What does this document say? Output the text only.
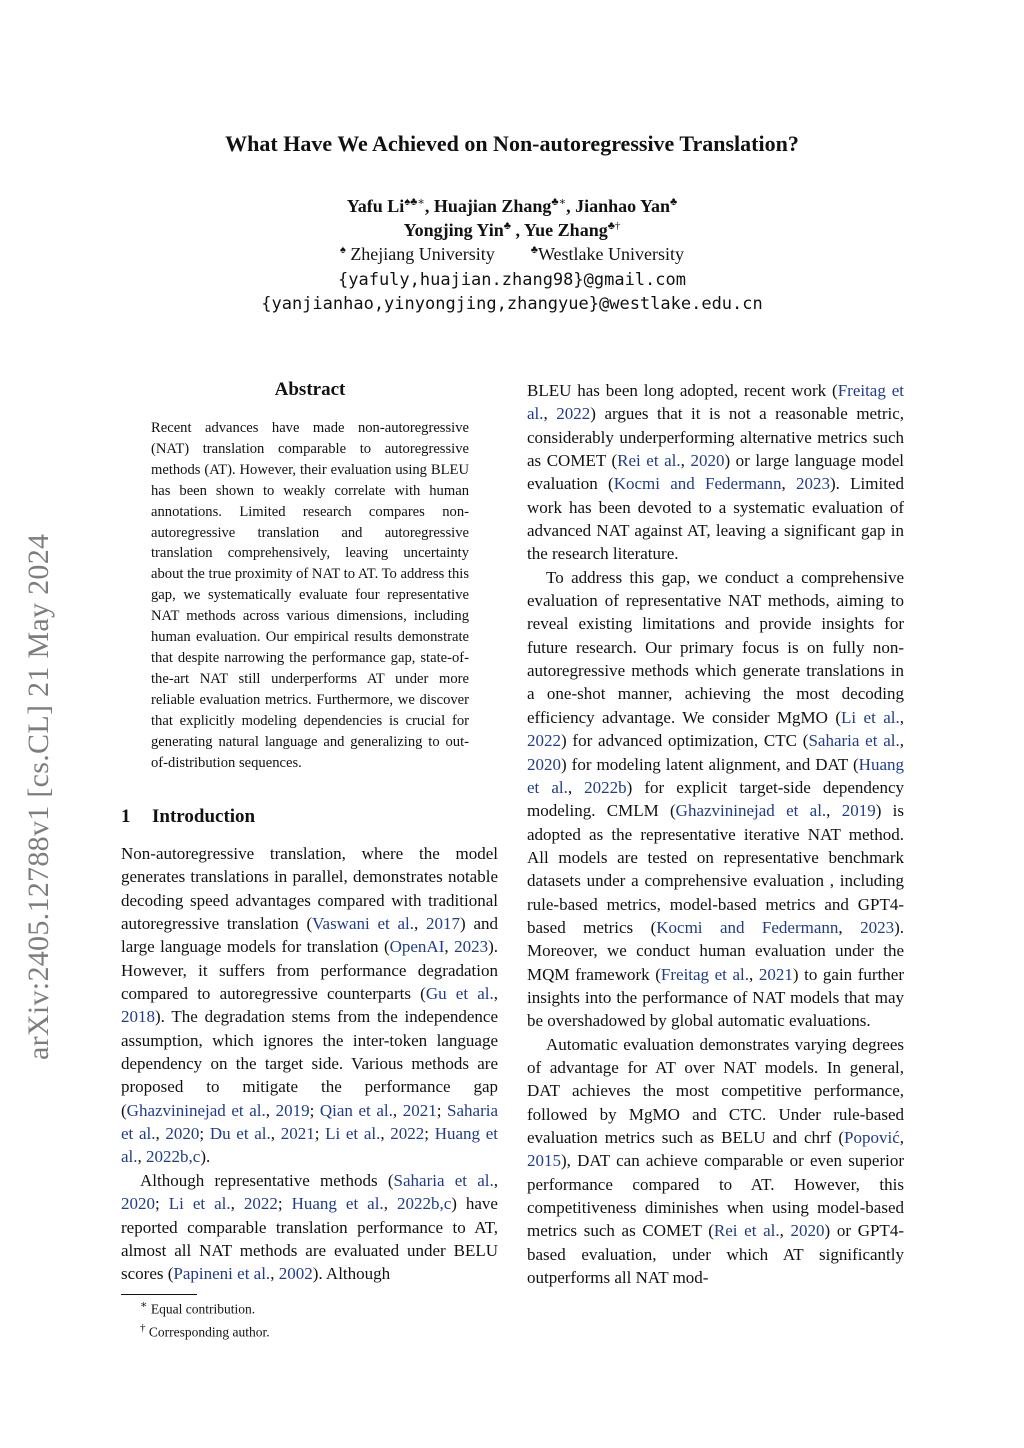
arXiv:2405.12788v1 [cs.CL] 21 May 2024
What Have We Achieved on Non-autoregressive Translation?
Yafu Li♠♣∗, Huajian Zhang♣∗, Jianhao Yan♣
Yongjing Yin♣ , Yue Zhang♣†
♠ Zhejiang University	♣Westlake University
{yafuly,huajian.zhang98}@gmail.com
{yanjianhao,yinyongjing,zhangyue}@westlake.edu.cn
Abstract
Recent advances have made non-autoregressive (NAT) translation comparable to autoregressive methods (AT). However, their evaluation using BLEU has been shown to weakly correlate with human annotations. Limited research compares non-autoregressive translation and autoregressive translation comprehensively, leaving uncertainty about the true proximity of NAT to AT. To address this gap, we systematically evaluate four representative NAT methods across various dimensions, including human evaluation. Our empirical results demonstrate that despite narrowing the performance gap, state-of-the-art NAT still underperforms AT under more reliable evaluation metrics. Furthermore, we discover that explicitly modeling dependencies is crucial for generating natural language and generalizing to out-of-distribution sequences.
1 Introduction

Non-autoregressive translation, where the model generates translations in parallel, demonstrates notable decoding speed advantages compared with traditional autoregressive translation (Vaswani et al., 2017) and large language models for translation (OpenAI, 2023). However, it suffers from performance degradation compared to autoregressive counterparts (Gu et al., 2018). The degradation stems from the independence assumption, which ignores the inter-token language dependency on the target side. Various methods are proposed to mitigate the performance gap (Ghazvininejad et al., 2019; Qian et al., 2021; Saharia et al., 2020; Du et al., 2021; Li et al., 2022; Huang et al., 2022b,c).

Although representative methods (Saharia et al., 2020; Li et al., 2022; Huang et al., 2022b,c) have reported comparable translation performance to AT, almost all NAT methods are evaluated under BELU scores (Papineni et al., 2002). Although

BLEU has been long adopted, recent work (Freitag et al., 2022) argues that it is not a reasonable metric, considerably underperforming alternative metrics such as COMET (Rei et al., 2020) or large language model evaluation (Kocmi and Federmann, 2023). Limited work has been devoted to a systematic evaluation of advanced NAT against AT, leaving a significant gap in the research literature.

To address this gap, we conduct a comprehensive evaluation of representative NAT methods, aiming to reveal existing limitations and provide insights for future research. Our primary focus is on fully non-autoregressive methods which generate translations in a one-shot manner, achieving the most decoding efficiency advantage. We consider MgMO (Li et al., 2022) for advanced optimization, CTC (Saharia et al., 2020) for modeling latent alignment, and DAT (Huang et al., 2022b) for explicit target-side dependency modeling. CMLM (Ghazvininejad et al., 2019) is adopted as the representative iterative NAT method. All models are tested on representative benchmark datasets under a comprehensive evaluation , including rule-based metrics, model-based metrics and GPT4-based metrics (Kocmi and Federmann, 2023). Moreover, we conduct human evaluation under the MQM framework (Freitag et al., 2021) to gain further insights into the performance of NAT models that may be overshadowed by global automatic evaluations.

Automatic evaluation demonstrates varying degrees of advantage for AT over NAT models. In general, DAT achieves the most competitive performance, followed by MgMO and CTC. Under rule-based evaluation metrics such as BELU and chrf (Popović, 2015), DAT can achieve comparable or even superior performance compared to AT. However, this competitiveness diminishes when using model-based metrics such as COMET (Rei et al., 2020) or GPT4-based evaluation, under which AT significantly outperforms all NAT mod-

∗ Equal contribution.
† Corresponding author.
